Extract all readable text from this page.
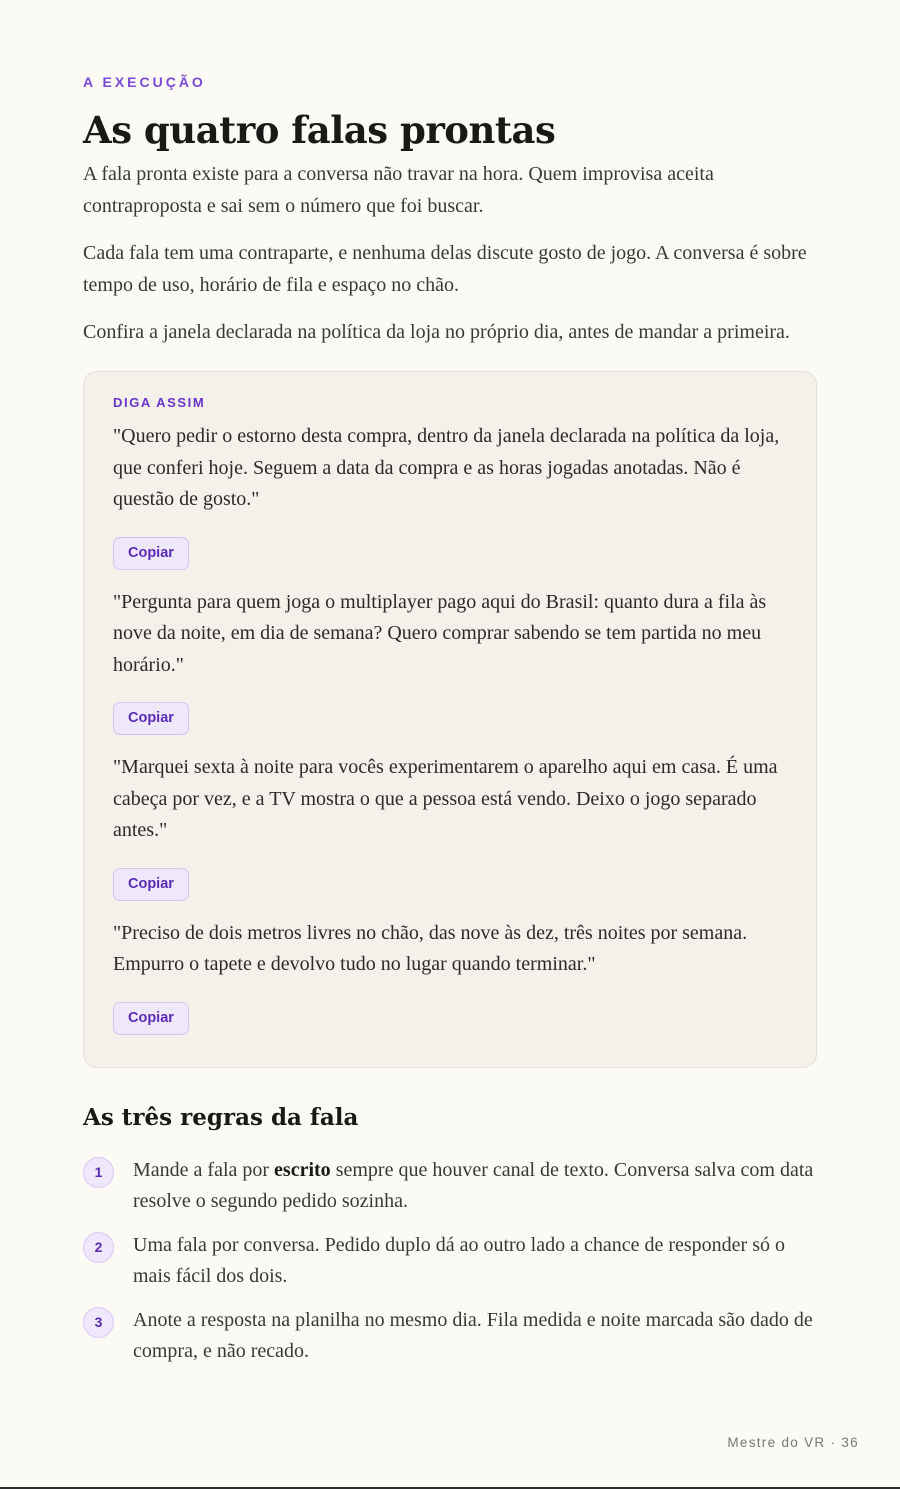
A EXECUÇÃO

As quatro falas prontas

A fala pronta existe para a conversa não travar na hora. Quem improvisa aceita contraproposta e sai sem o número que foi buscar.

Cada fala tem uma contraparte, e nenhuma delas discute gosto de jogo. A conversa é sobre tempo de uso, horário de fila e espaço no chão.

Confira a janela declarada na política da loja no próprio dia, antes de mandar a primeira.

DIGA ASSIM

"Quero pedir o estorno desta compra, dentro da janela declarada na política da loja, que conferi hoje. Seguem a data da compra e as horas jogadas anotadas. Não é questão de gosto."

Copiar

"Pergunta para quem joga o multiplayer pago aqui do Brasil: quanto dura a fila às nove da noite, em dia de semana? Quero comprar sabendo se tem partida no meu horário."

Copiar

"Marquei sexta à noite para vocês experimentarem o aparelho aqui em casa. É uma cabeça por vez, e a TV mostra o que a pessoa está vendo. Deixo o jogo separado antes."

Copiar

"Preciso de dois metros livres no chão, das nove às dez, três noites por semana. Empurro o tapete e devolvo tudo no lugar quando terminar."

Copiar
As três regras da fala
1	Mande a fala por escrito sempre que houver canal de texto. Conversa salva com data resolve o segundo pedido sozinha.

2	Uma fala por conversa. Pedido duplo dá ao outro lado a chance de responder só o mais fácil dos dois.

3	Anote a resposta na planilha no mesmo dia. Fila medida e noite marcada são dado de compra, e não recado.

Mestre do VR · 36
